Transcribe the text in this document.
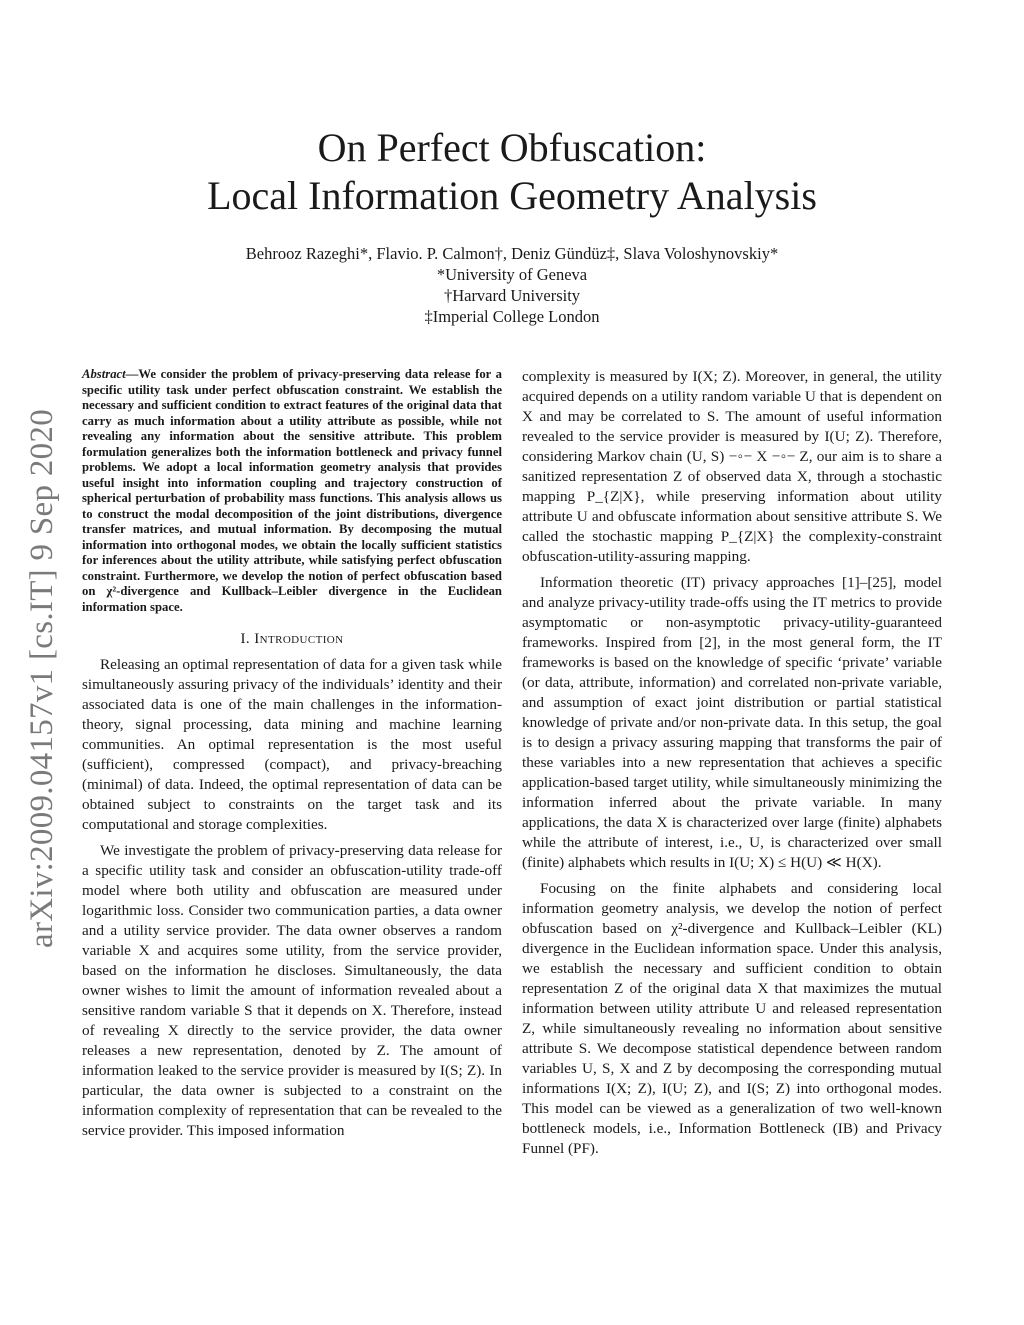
arXiv:2009.04157v1 [cs.IT] 9 Sep 2020
On Perfect Obfuscation:
Local Information Geometry Analysis
Behrooz Razeghi*, Flavio. P. Calmon†, Deniz Gündüz‡, Slava Voloshynovskiy*
*University of Geneva
†Harvard University
‡Imperial College London
Abstract—We consider the problem of privacy-preserving data release for a specific utility task under perfect obfuscation constraint. We establish the necessary and sufficient condition to extract features of the original data that carry as much information about a utility attribute as possible, while not revealing any information about the sensitive attribute. This problem formulation generalizes both the information bottleneck and privacy funnel problems. We adopt a local information geometry analysis that provides useful insight into information coupling and trajectory construction of spherical perturbation of probability mass functions. This analysis allows us to construct the modal decomposition of the joint distributions, divergence transfer matrices, and mutual information. By decomposing the mutual information into orthogonal modes, we obtain the locally sufficient statistics for inferences about the utility attribute, while satisfying perfect obfuscation constraint. Furthermore, we develop the notion of perfect obfuscation based on χ²-divergence and Kullback–Leibler divergence in the Euclidean information space.
I. Introduction

Releasing an optimal representation of data for a given task while simultaneously assuring privacy of the individuals’ identity and their associated data is one of the main challenges in the information-theory, signal processing, data mining and machine learning communities. An optimal representation is the most useful (sufficient), compressed (compact), and privacy-breaching (minimal) of data. Indeed, the optimal representation of data can be obtained subject to constraints on the target task and its computational and storage complexities.

We investigate the problem of privacy-preserving data release for a specific utility task and consider an obfuscation-utility trade-off model where both utility and obfuscation are measured under logarithmic loss. Consider two communication parties, a data owner and a utility service provider. The data owner observes a random variable X and acquires some utility, from the service provider, based on the information he discloses. Simultaneously, the data owner wishes to limit the amount of information revealed about a sensitive random variable S that it depends on X. Therefore, instead of revealing X directly to the service provider, the data owner releases a new representation, denoted by Z. The amount of information leaked to the service provider is measured by I(S; Z). In particular, the data owner is subjected to a constraint on the information complexity of representation that can be revealed to the service provider. This imposed information

complexity is measured by I(X; Z). Moreover, in general, the utility acquired depends on a utility random variable U that is dependent on X and may be correlated to S. The amount of useful information revealed to the service provider is measured by I(U; Z). Therefore, considering Markov chain (U, S) −◦− X −◦− Z, our aim is to share a sanitized representation Z of observed data X, through a stochastic mapping P_{Z|X}, while preserving information about utility attribute U and obfuscate information about sensitive attribute S. We called the stochastic mapping P_{Z|X} the complexity-constraint obfuscation-utility-assuring mapping.

Information theoretic (IT) privacy approaches [1]–[25], model and analyze privacy-utility trade-offs using the IT metrics to provide asymptomatic or non-asymptotic privacy-utility-guaranteed frameworks. Inspired from [2], in the most general form, the IT frameworks is based on the knowledge of specific ‘private’ variable (or data, attribute, information) and correlated non-private variable, and assumption of exact joint distribution or partial statistical knowledge of private and/or non-private data. In this setup, the goal is to design a privacy assuring mapping that transforms the pair of these variables into a new representation that achieves a specific application-based target utility, while simultaneously minimizing the information inferred about the private variable. In many applications, the data X is characterized over large (finite) alphabets while the attribute of interest, i.e., U, is characterized over small (finite) alphabets which results in I(U; X) ≤ H(U) ≪ H(X).

Focusing on the finite alphabets and considering local information geometry analysis, we develop the notion of perfect obfuscation based on χ²-divergence and Kullback–Leibler (KL) divergence in the Euclidean information space. Under this analysis, we establish the necessary and sufficient condition to obtain representation Z of the original data X that maximizes the mutual information between utility attribute U and released representation Z, while simultaneously revealing no information about sensitive attribute S. We decompose statistical dependence between random variables U, S, X and Z by decomposing the corresponding mutual informations I(X; Z), I(U; Z), and I(S; Z) into orthogonal modes. This model can be viewed as a generalization of two well-known bottleneck models, i.e., Information Bottleneck (IB) and Privacy Funnel (PF).
